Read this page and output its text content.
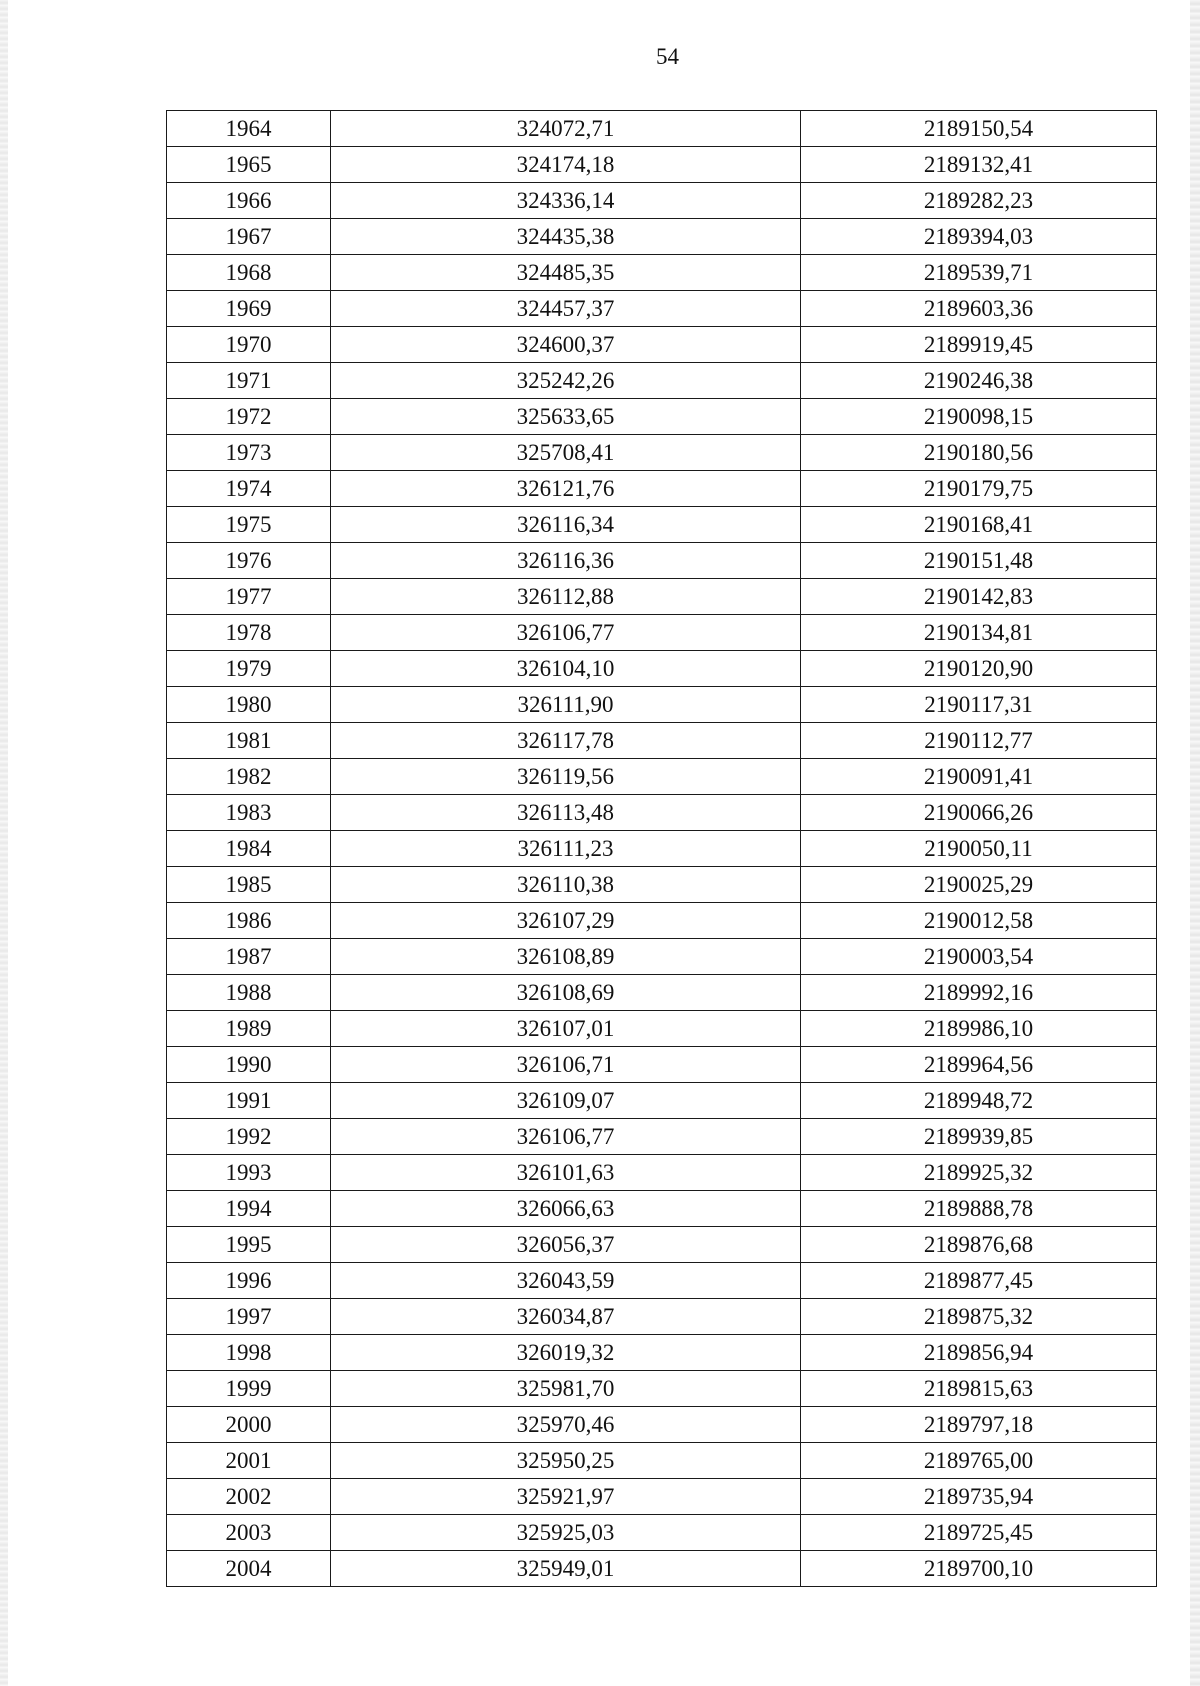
54
1964	324072,71	2189150,54
1965	324174,18	2189132,41
1966	324336,14	2189282,23
1967	324435,38	2189394,03
1968	324485,35	2189539,71
1969	324457,37	2189603,36
1970	324600,37	2189919,45
1971	325242,26	2190246,38
1972	325633,65	2190098,15
1973	325708,41	2190180,56
1974	326121,76	2190179,75
1975	326116,34	2190168,41
1976	326116,36	2190151,48
1977	326112,88	2190142,83
1978	326106,77	2190134,81
1979	326104,10	2190120,90
1980	326111,90	2190117,31
1981	326117,78	2190112,77
1982	326119,56	2190091,41
1983	326113,48	2190066,26
1984	326111,23	2190050,11
1985	326110,38	2190025,29
1986	326107,29	2190012,58
1987	326108,89	2190003,54
1988	326108,69	2189992,16
1989	326107,01	2189986,10
1990	326106,71	2189964,56
1991	326109,07	2189948,72
1992	326106,77	2189939,85
1993	326101,63	2189925,32
1994	326066,63	2189888,78
1995	326056,37	2189876,68
1996	326043,59	2189877,45
1997	326034,87	2189875,32
1998	326019,32	2189856,94
1999	325981,70	2189815,63
2000	325970,46	2189797,18
2001	325950,25	2189765,00
2002	325921,97	2189735,94
2003	325925,03	2189725,45
2004	325949,01	2189700,10
